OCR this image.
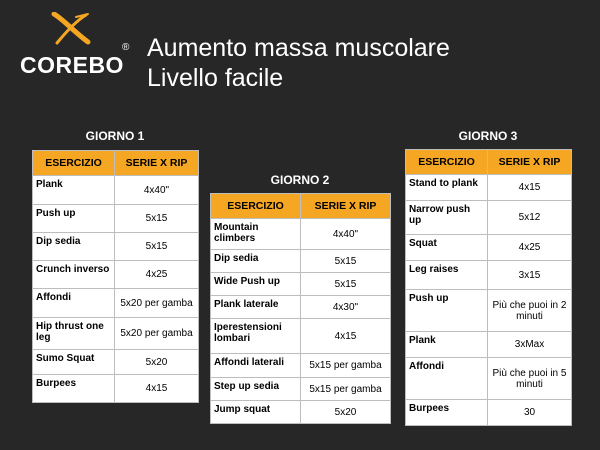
COREBO
® Aumento massa muscolare
Livello facile
GIORNO 1
ESERCIZIO	SERIE X RIP
Plank	4x40"
Push up	5x15
Dip sedia	5x15
Crunch inverso	4x25
Affondi	5x20 per gamba
Hip thrust one leg	5x20 per gamba
Sumo Squat	5x20
Burpees	4x15
GIORNO 2
ESERCIZIO	SERIE X RIP
Mountain climbers	4x40"
Dip sedia	5x15
Wide Push up	5x15
Plank laterale	4x30"
Iperestensioni lombari	4x15
Affondi laterali	5x15 per gamba
Step up sedia	5x15 per gamba
Jump squat	5x20
GIORNO 3
ESERCIZIO	SERIE X RIP
Stand to plank	4x15
Narrow push up	5x12
Squat	4x25
Leg raises	3x15
Push up	Più che puoi in 2 minuti
Plank	3xMax
Affondi	Più che puoi in 5 minuti
Burpees	30
